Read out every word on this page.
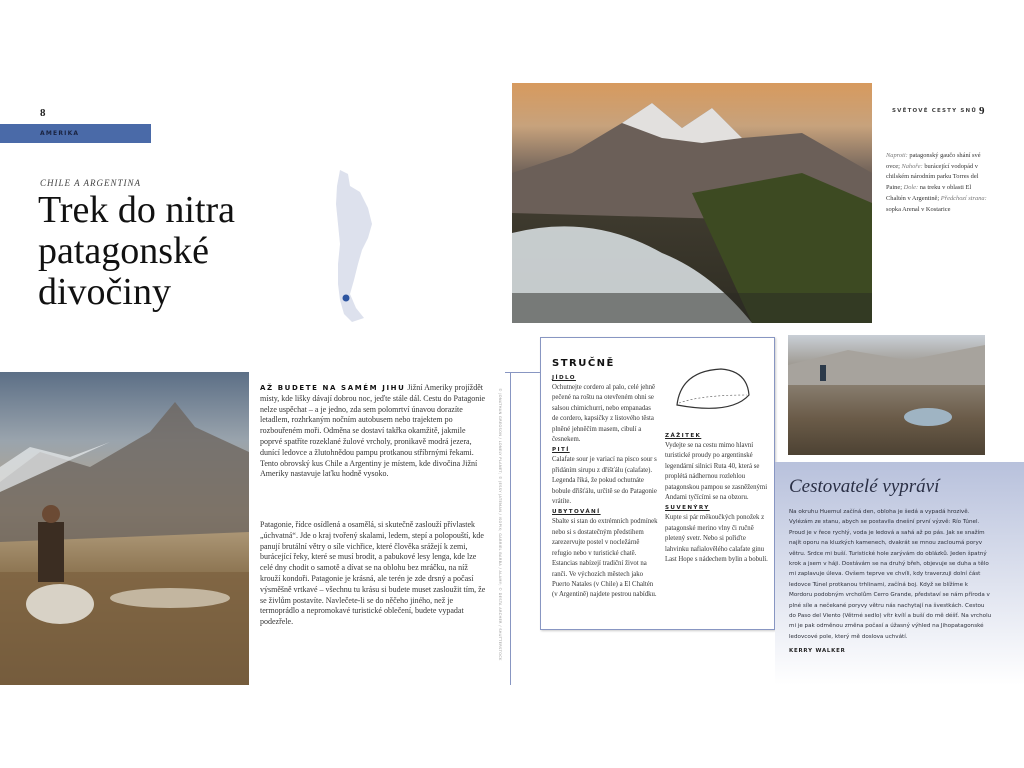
8
AMERIKA
CHILE A ARGENTINA
Trek do nitra
patagonské
divočiny
AŽ BUDETE NA SAMÉM JIHU Jižní Ameriky projíždět místy, kde lišky dávají dobrou noc, jeďte stále dál. Cestu do Patagonie nelze uspěchat – a je jedno, zda sem polomrtví únavou dorazíte letadlem, rozhrkaným nočním autobusem nebo trajektem po rozbouřeném moři. Odměna se dostaví takřka okamžitě, jakmile poprvé spatříte rozeklané žulové vrcholy, pronikavě modrá jezera, dunící ledovce a žlutohnědou pampu protkanou stříbrnými řekami. Tento obrovský kus Chile a Argentiny je místem, kde divočina Jižní Ameriky nastavuje laťku hodně vysoko.
Patagonie, řídce osídlená a osamělá, si skutečně zaslouží přívlastek „úchvatná“. Jde o kraj tvořený skalami, ledem, stepí a polopouští, kde panují brutální větry o síle vichřice, které člověka srážejí k zemi, burácející řeky, které se musí brodit, a pabukové lesy lenga, kde lze celé dny chodit o samotě a dívat se na oblohu bez mráčku, na níž krouží kondoři. Patagonie je krásná, ale terén je zde drsný a počasí výsměšně vrtkavé – všechnu tu krásu si budete muset zasloužit tím, že se živlům postavíte. Navlečete-li se do něčeho jiného, než je termoprádlo a nepromokavé turistické oblečení, budete vypadat podezřele.	© JONATHAN GREGSON / LONELY PLANET; © JESSY JATEMAN / ISOPIX; GABRIEL BARBA / ALAMY; © DESTA ARCHER / SHUTTERSTOCK
SVĚTOVÉ CESTY SNŮ 9
Naproti: patagonský gaučo shání své ovce; Nahoře: burácející vodopád v chilském národním parku Torres del Paine; Dole: na treku v oblasti El Chaltén v Argentině; Předchozí strana: sopka Arenal v Kostarice
STRUČNĚ
JÍDLO
Ochutnejte cordero al palo, celé jehně pečené na roštu na otevřeném ohni se salsou chimichurri, nebo empanadas de cordero, kapsičky z listového těsta plněné jehněčím masem, cibulí a česnekem.
PITÍ
Calafate sour je variací na pisco sour s přidáním sirupu z dřišťálu (calafate). Legenda říká, že pokud ochutnáte bobule dřišťálu, určitě se do Patagonie vrátíte.
UBYTOVÁNÍ
Sbalte si stan do extrémních podmínek nebo si s dostatečným předstihem zarezervujte postel v nocležárně refugio nebo v turistické chatě. Estancias nabízejí tradiční život na ranči. Ve výchozích městech jako Puerto Natales (v Chile) a El Chaltén (v Argentině) najdete pestrou nabídku.
ZÁŽITEK
Vydejte se na cestu mimo hlavní turistické proudy po argentinské legendární silnici Ruta 40, která se proplétá nádhernou rozlehlou patagonskou pampou se zasněženými Andami tyčícími se na obzoru.
SUVENÝRY
Kupte si pár měkoučkých ponožek z patagonské merino vlny či ručně pletený svetr. Nebo si pořiďte lahvinku nafialovělého calafate ginu Last Hope s nádechem bylin a bobulí.
Cestovatelé vypráví

Na okruhu Huemul začíná den, obloha je šedá a vypadá hrozivě. Vylézám ze stanu, abych se postavila dnešní první výzvě: Río Túnel. Proud je v řece rychlý, voda je ledová a sahá až po pás. Jak se snažím najít oporu na kluzkých kamenech, dvakrát se mnou zacloumá poryv větru. Srdce mi buší. Turistické hole zarývám do oblázků. Jeden špatný krok a jsem v háji. Dostávám se na druhý břeh, objevuje se duha a tělo mi zaplavuje úleva. Ovšem teprve ve chvíli, kdy traverzuji dolní část ledovce Túnel protkanou trhlinami, začíná boj. Když se blížíme k Mordoru podobným vrcholům Cerro Grande, představí se nám příroda v plné síle a nečekané poryvy větru nás nachytají na švestkách. Cestou do Paso del Viento (Větrné sedlo) vítr kvílí a buší do mě déšť. Na vrcholu mi je pak odměnou změna počasí a úžasný výhled na Jihopatagonské ledovcové pole, který mě doslova uchvátí.

KERRY WALKER
